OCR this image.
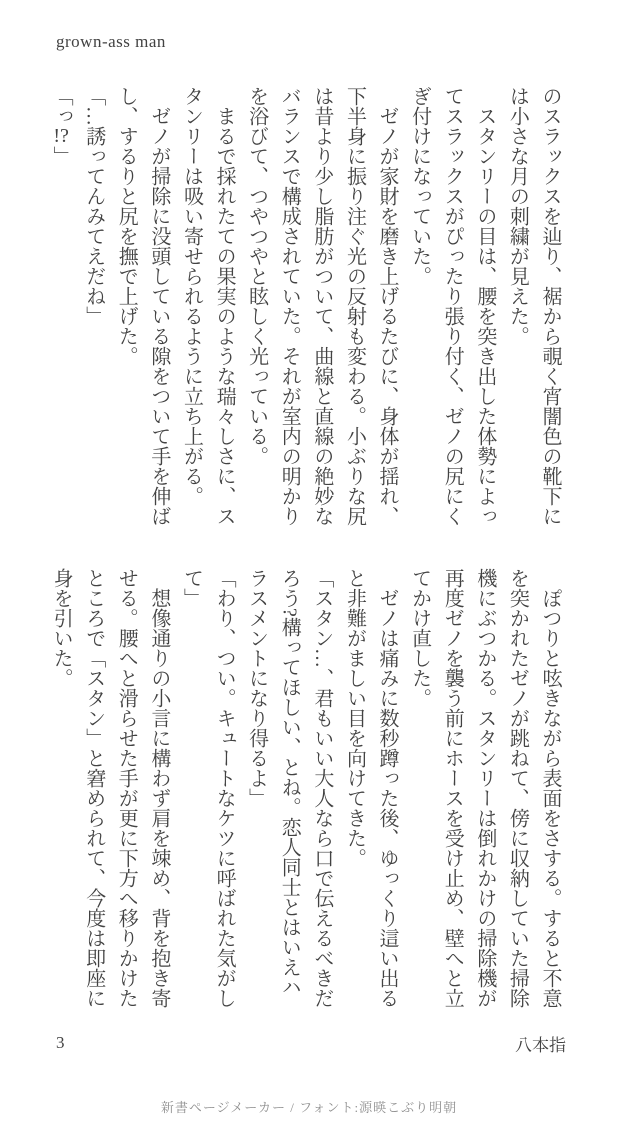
grown-ass man

のスラックスを辿り、裾から覗く宵闇色の靴下には小さな月の刺繍が見えた。

スタンリーの目は、腰を突き出した体勢によってスラックスがぴったり張り付く、ゼノの尻にくぎ付けになっていた。

ゼノが家財を磨き上げるたびに、身体が揺れ、下半身に振り注ぐ光の反射も変わる。小ぶりな尻は昔より少し脂肪がついて、曲線と直線の絶妙なバランスで構成されていた。それが室内の明かりを浴びて、つやつやと眩しく光っている。

まるで採れたての果実のような瑞々しさに、スタンリーは吸い寄せられるように立ち上がる。

ゼノが掃除に没頭している隙をついて手を伸ばし、するりと尻を撫で上げた。

「…誘ってんみてえだね」

「っ!?」

ぽつりと呟きながら表面をさする。すると不意を突かれたゼノが跳ねて、傍に収納していた掃除機にぶつかる。スタンリーは倒れかけの掃除機が再度ゼノを襲う前にホースを受け止め、壁へと立てかけ直した。

ゼノは痛みに数秒蹲った後、ゆっくり這い出ると非難がましい目を向けてきた。

「スタン…、君もいい大人なら口で伝えるべきだろう?構ってほしい、とね。恋人同士とはいえハラスメントになり得るよ」

「わり、つい。キュートなケツに呼ばれた気がして」

想像通りの小言に構わず肩を竦め、背を抱き寄せる。腰へと滑らせた手が更に下方へ移りかけたところで「スタン」と窘められて、今度は即座に身を引いた。

3	八本指
新書ページメーカー / フォント:源暎こぶり明朝
